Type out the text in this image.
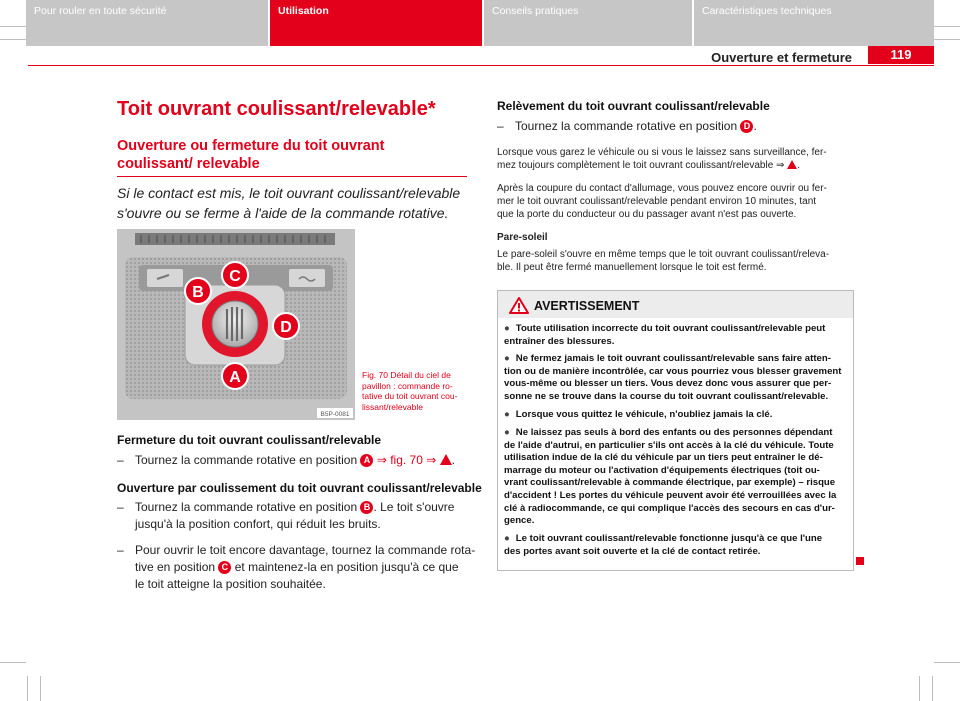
Ouverture et fermeture	119
Toit ouvrant coulissant/relevable*
Ouverture ou fermeture du toit ouvrant coulissant/ relevable

Si le contact est mis, le toit ouvrant coulissant/relevable s'ouvre ou se ferme à l'aide de la commande rotative.

C
B
D
A
B5P-0081
Fig. 70 Détail du ciel de pavillon : commande ro-tative du toit ouvrant cou-lissant/relevable
Fermeture du toit ouvrant coulissant/relevable
– Tournez la commande rotative en position A ⇒ fig. 70 ⇒ .
Ouverture par coulissement du toit ouvrant coulissant/relevable
– Tournez la commande rotative en position B . Le toit s'ouvre
jusqu'à la position confort, qui réduit les bruits.
– Pour ouvrir le toit encore davantage, tournez la commande rota-
tive en position C et maintenez-la en position jusqu'à ce que
le toit atteigne la position souhaitée.
Relèvement du toit ouvrant coulissant/relevable
– Tournez la commande rotative en position D .

Lorsque vous garez le véhicule ou si vous le laissez sans surveillance, fer-
mez toujours complètement le toit ouvrant coulissant/relevable ⇒ .

Après la coupure du contact d'allumage, vous pouvez encore ouvrir ou fer-
mer le toit ouvrant coulissant/relevable pendant environ 10 minutes, tant
que la porte du conducteur ou du passager avant n'est pas ouverte.

Pare-soleil

Le pare-soleil s'ouvre en même temps que le toit ouvrant coulissant/releva-
ble. Il peut être fermé manuellement lorsque le toit est fermé.

AVERTISSEMENT
● Toute utilisation incorrecte du toit ouvrant coulissant/relevable peut
entraîner des blessures.
● Ne fermez jamais le toit ouvrant coulissant/relevable sans faire atten-
tion ou de manière incontrôlée, car vous pourriez vous blesser gravement
vous-même ou blesser un tiers. Vous devez donc vous assurer que per-
sonne ne se trouve dans la course du toit ouvrant coulissant/relevable.
● Lorsque vous quittez le véhicule, n'oubliez jamais la clé.
● Ne laissez pas seuls à bord des enfants ou des personnes dépendant
de l'aide d'autrui, en particulier s'ils ont accès à la clé du véhicule. Toute
utilisation indue de la clé du véhicule par un tiers peut entraîner le dé-
marrage du moteur ou l'activation d'équipements électriques (toit ou-
vrant coulissant/relevable à commande électrique, par exemple) – risque
d'accident ! Les portes du véhicule peuvent avoir été verrouillées avec la
clé à radiocommande, ce qui complique l'accès des secours en cas d'ur-
gence.
● Le toit ouvrant coulissant/relevable fonctionne jusqu'à ce que l'une
des portes avant soit ouverte et la clé de contact retirée.
Pour rouler en toute sécurité	Utilisation	Conseils pratiques	Caractéristiques techniques
